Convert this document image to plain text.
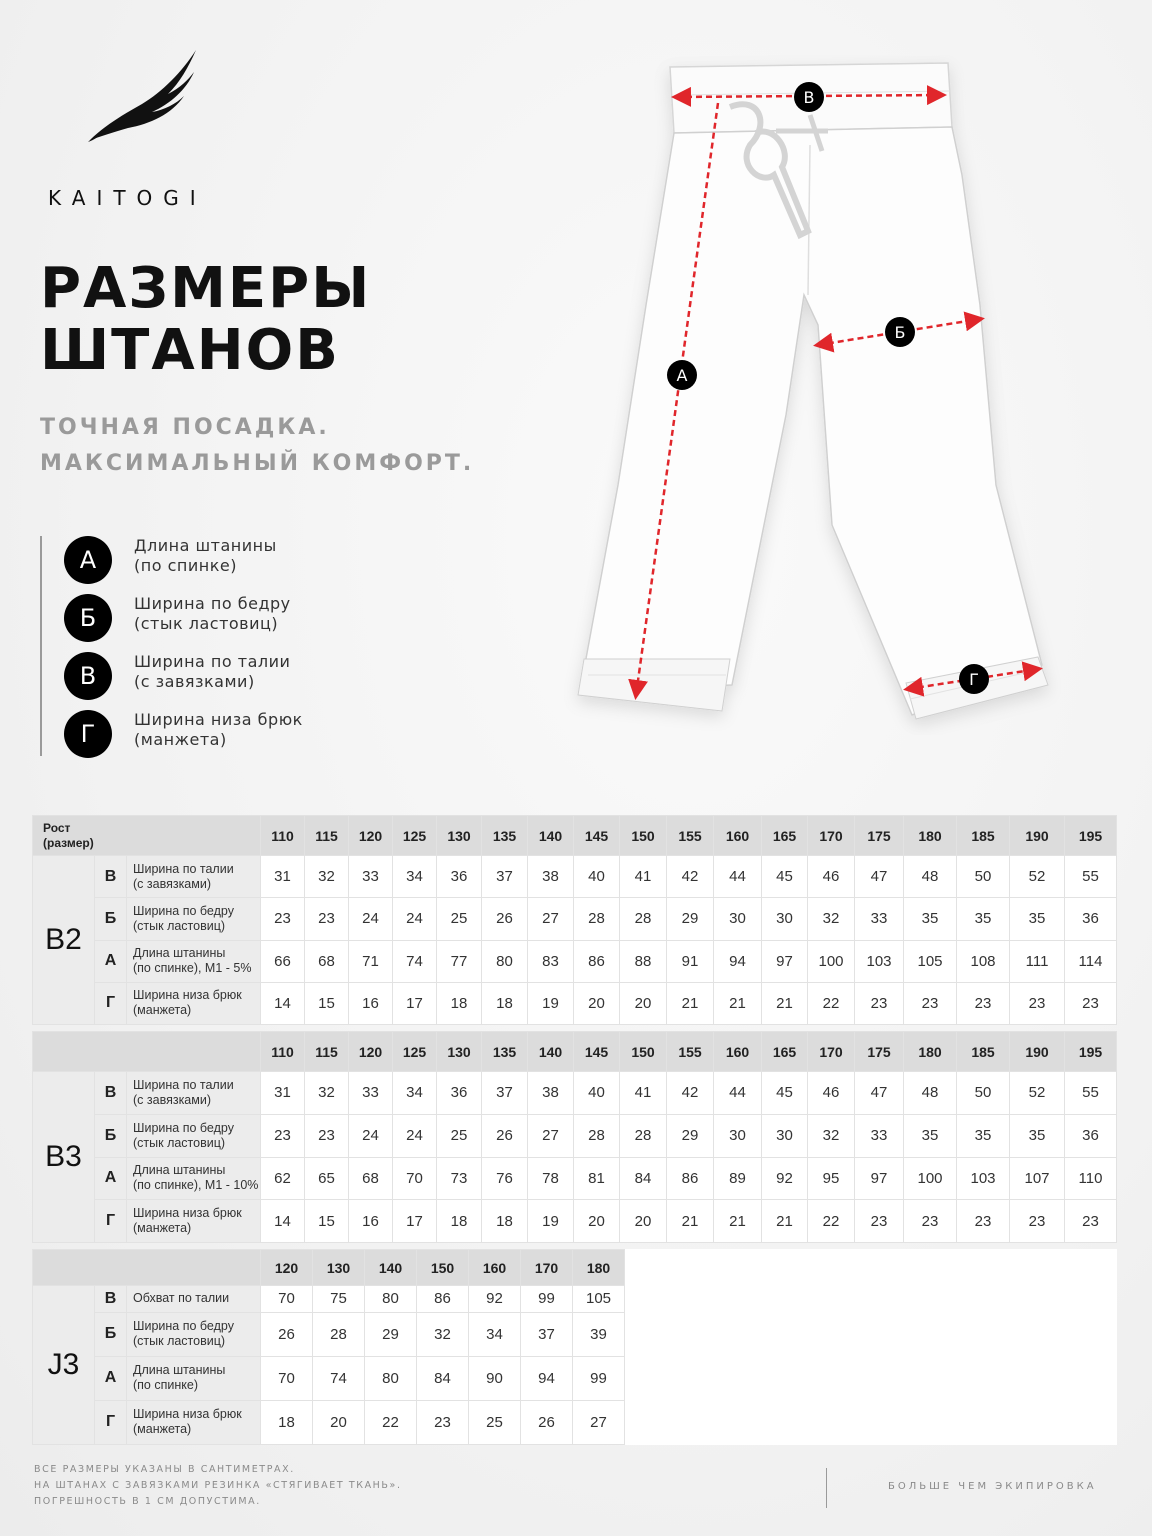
KAITOGI
РАЗМЕРЫ
ШТАНОВ
ТОЧНАЯ ПОСАДКА.
МАКСИМАЛЬНЫЙ КОМФОРТ.
А
Длина штанины
(по спинке)
Б
Ширина по бедру
(стык ластовиц)
В
Ширина по талии
(с завязками)
Г
Ширина низа брюк
(манжета)
В
А
Б
Г
Рост
(размер)			110	115	120	125	130	135	140	145	150	155	160	165	170	175	180	185	190	195
В2	В	Ширина по талии
(с завязками)	31	32	33	34	36	37	38	40	41	42	44	45	46	47	48	50	52	55
	Б	Ширина по бедру
(стык ластовиц)	23	23	24	24	25	26	27	28	28	29	30	30	32	33	35	35	35	36
	А	Длина штанины
(по спинке), М1 - 5%	66	68	71	74	77	80	83	86	88	91	94	97	100	103	105	108	111	114
	Г	Ширина низа брюк
(манжета)	14	15	16	17	18	18	19	20	20	21	21	21	22	23	23	23	23	23
			110	115	120	125	130	135	140	145	150	155	160	165	170	175	180	185	190	195
В3	В	Ширина по талии
(с завязками)	31	32	33	34	36	37	38	40	41	42	44	45	46	47	48	50	52	55
	Б	Ширина по бедру
(стык ластовиц)	23	23	24	24	25	26	27	28	28	29	30	30	32	33	35	35	35	36
	А	Длина штанины
(по спинке), М1 - 10%	62	65	68	70	73	76	78	81	84	86	89	92	95	97	100	103	107	110
	Г	Ширина низа брюк
(манжета)	14	15	16	17	18	18	19	20	20	21	21	21	22	23	23	23	23	23
			120	130	140	150	160	170	180	
J3	В	Обхват по талии	70	75	80	86	92	99	105	
	Б	Ширина по бедру
(стык ластовиц)	26	28	29	32	34	37	39	
	А	Длина штанины
(по спинке)	70	74	80	84	90	94	99	
	Г	Ширина низа брюк
(манжета)	18	20	22	23	25	26	27	
ВСЕ РАЗМЕРЫ УКАЗАНЫ В САНТИМЕТРАХ.
НА ШТАНАХ С ЗАВЯЗКАМИ РЕЗИНКА «СТЯГИВАЕТ ТКАНЬ».
ПОГРЕШНОСТЬ В 1 СМ ДОПУСТИМА.
БОЛЬШЕ ЧЕМ ЭКИПИРОВКА
